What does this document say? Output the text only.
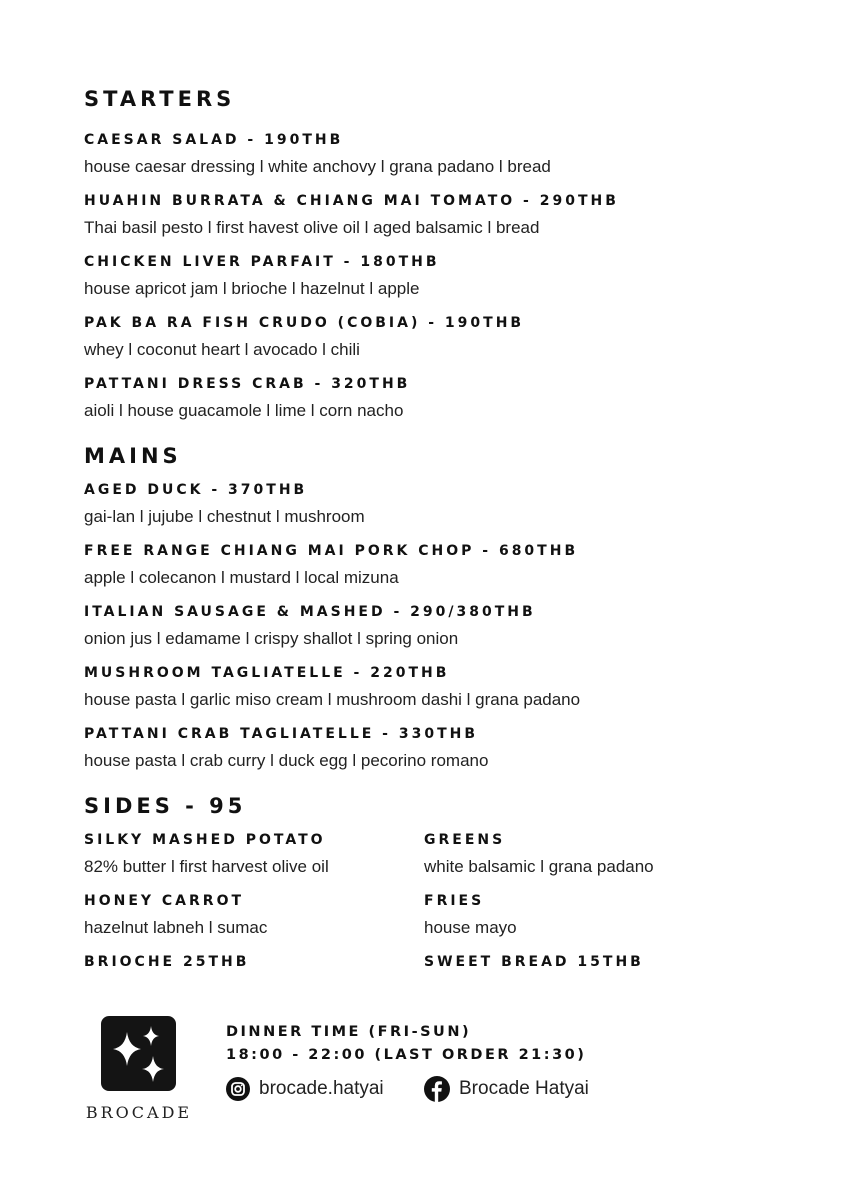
STARTERS
CAESAR SALAD - 190THB
house caesar dressing l white anchovy l grana padano l bread
HUAHIN BURRATA & CHIANG MAI TOMATO - 290THB
Thai basil pesto l first havest olive oil l aged balsamic l bread
CHICKEN LIVER PARFAIT - 180THB
house apricot jam l brioche l hazelnut l apple
PAK BA RA FISH CRUDO (COBIA) - 190THB
whey l coconut heart l avocado l chili
PATTANI DRESS CRAB - 320THB
aioli l house guacamole l lime l corn nacho
MAINS
AGED DUCK - 370THB
gai-lan l jujube l chestnut l mushroom
FREE RANGE CHIANG MAI PORK CHOP - 680THB
apple l colecanon l mustard l local mizuna
ITALIAN SAUSAGE & MASHED - 290/380THB
onion jus l edamame l crispy shallot l spring onion
MUSHROOM TAGLIATELLE - 220THB
house pasta l garlic miso cream l mushroom dashi l grana padano
PATTANI CRAB TAGLIATELLE - 330THB
house pasta l crab curry l duck egg l pecorino romano
SIDES - 95
SILKY MASHED POTATO
82% butter l first harvest olive oil
GREENS
white balsamic l grana padano
HONEY CARROT
hazelnut labneh l sumac
FRIES
house mayo
BRIOCHE 25THB	SWEET BREAD 15THB
BROCADE
DINNER TIME (FRI-SUN)
18:00 - 22:00 (LAST ORDER 21:30)
brocade.hatyai	Brocade Hatyai
